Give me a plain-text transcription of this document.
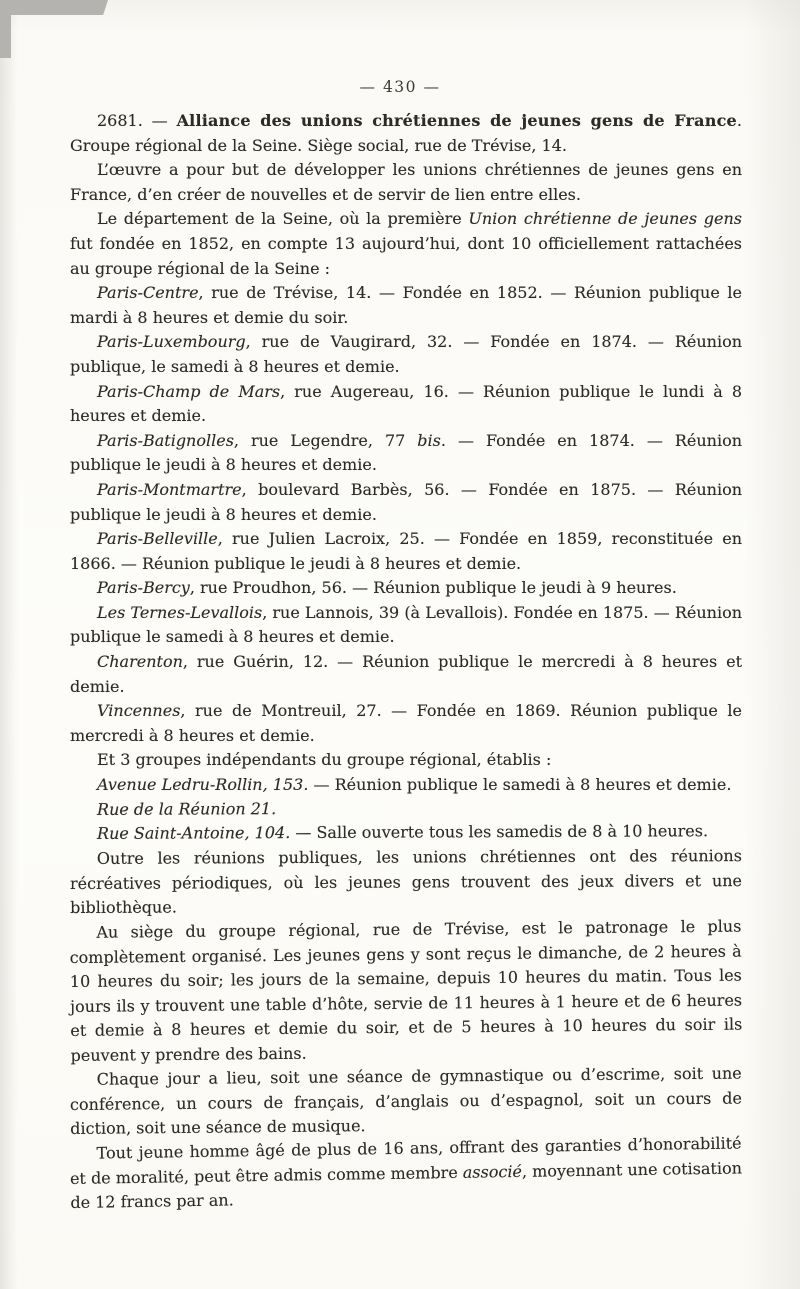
— 430 —

2681. — Alliance des unions chrétiennes de jeunes gens de France. Groupe régional de la Seine. Siège social, rue de Trévise, 14.

L’œuvre a pour but de développer les unions chrétiennes de jeunes gens en France, d’en créer de nouvelles et de servir de lien entre elles.

Le département de la Seine, où la première Union chrétienne de jeunes gens fut fondée en 1852, en compte 13 aujourd’hui, dont 10 officiellement rattachées au groupe régional de la Seine :

Paris-Centre, rue de Trévise, 14. — Fondée en 1852. — Réunion publique le mardi à 8 heures et demie du soir.

Paris-Luxembourg, rue de Vaugirard, 32. — Fondée en 1874. — Réunion publique, le samedi à 8 heures et demie.

Paris-Champ de Mars, rue Augereau, 16. — Réunion publique le lundi à 8 heures et demie.

Paris-Batignolles, rue Legendre, 77 bis. — Fondée en 1874. — Réunion publique le jeudi à 8 heures et demie.

Paris-Montmartre, boulevard Barbès, 56. — Fondée en 1875. — Réunion publique le jeudi à 8 heures et demie.

Paris-Belleville, rue Julien Lacroix, 25. — Fondée en 1859, reconstituée en 1866. — Réunion publique le jeudi à 8 heures et demie.

Paris-Bercy, rue Proudhon, 56. — Réunion publique le jeudi à 9 heures.

Les Ternes-Levallois, rue Lannois, 39 (à Levallois). Fondée en 1875. — Réunion publique le samedi à 8 heures et demie.

Charenton, rue Guérin, 12. — Réunion publique le mercredi à 8 heures et demie.

Vincennes, rue de Montreuil, 27. — Fondée en 1869. Réunion publique le mercredi à 8 heures et demie.

Et 3 groupes indépendants du groupe régional, établis :

Avenue Ledru-Rollin, 153. — Réunion publique le samedi à 8 heures et demie.

Rue de la Réunion 21.

Rue Saint-Antoine, 104. — Salle ouverte tous les samedis de 8 à 10 heures.

Outre les réunions publiques, les unions chrétiennes ont des réunions récréatives périodiques, où les jeunes gens trouvent des jeux divers et une bibliothèque.

Au siège du groupe régional, rue de Trévise, est le patronage le plus complètement organisé. Les jeunes gens y sont reçus le dimanche, de 2 heures à 10 heures du soir; les jours de la semaine, depuis 10 heures du matin. Tous les jours ils y trouvent une table d’hôte, servie de 11 heures à 1 heure et de 6 heures et demie à 8 heures et demie du soir, et de 5 heures à 10 heures du soir ils peuvent y prendre des bains.

Chaque jour a lieu, soit une séance de gymnastique ou d’escrime, soit une conférence, un cours de français, d’anglais ou d’espagnol, soit un cours de diction, soit une séance de musique.

Tout jeune homme âgé de plus de 16 ans, offrant des garanties d’honorabilité et de moralité, peut être admis comme membre associé, moyennant une cotisation de 12 francs par an.
